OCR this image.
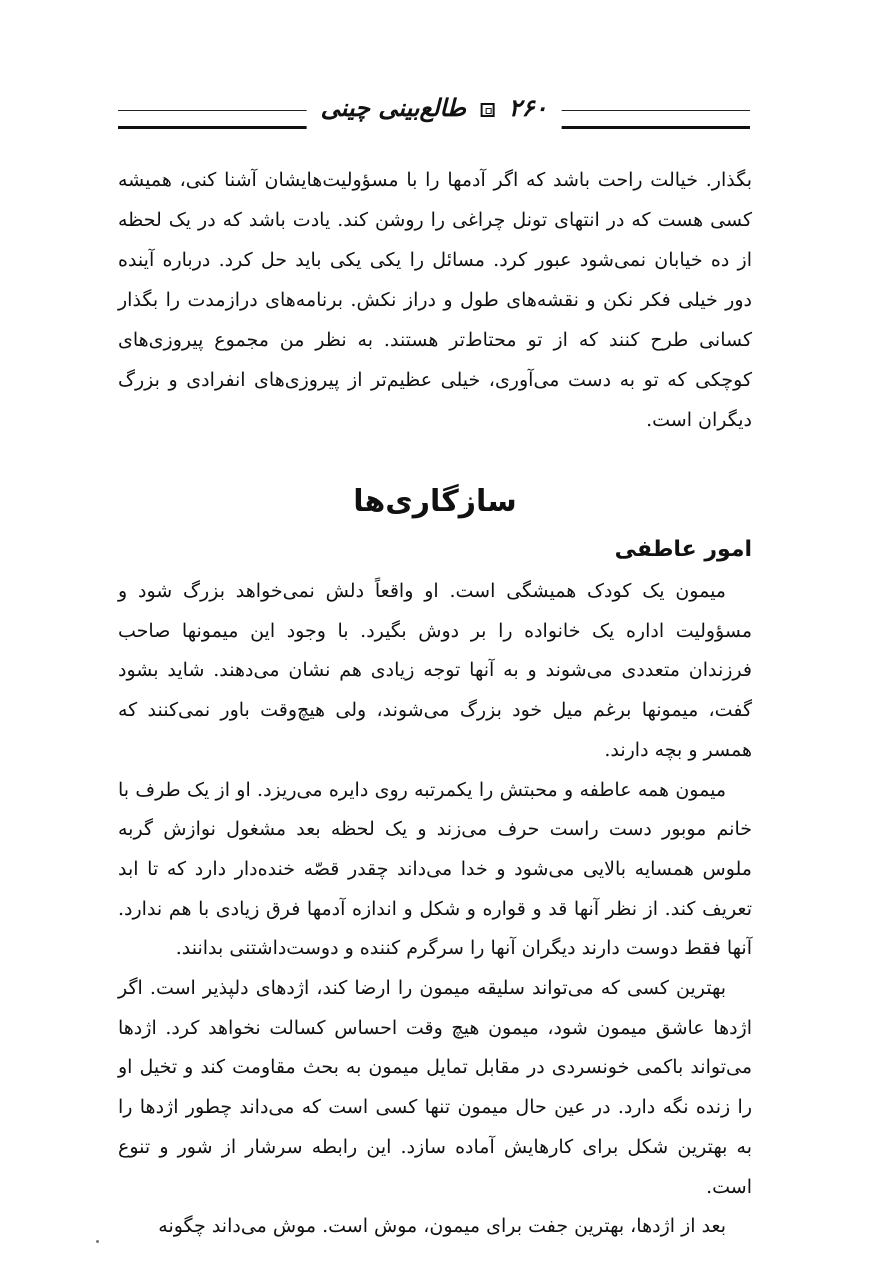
۲۶۰  طالع‌بینی چینی
بگذار. خیالت راحت باشد که اگر آدمها را با مسؤولیت‌هایشان آشنا کنی، همیشه کسی هست که در انتهای تونل چراغی را روشن کند. یادت باشد که در یک لحظه از ده خیابان نمی‌شود عبور کرد. مسائل را یکی یکی باید حل کرد. درباره آینده دور خیلی فکر نکن و نقشه‌های طول و دراز نکش. برنامه‌های درازمدت را بگذار کسانی طرح کنند که از تو محتاط‌تر هستند. به نظر من مجموع پیروزی‌های کوچکی که تو به دست می‌آوری، خیلی عظیم‌تر از پیروزی‌های انفرادی و بزرگ دیگران است.
سازگاری‌ها
امور عاطفی

میمون یک کودک همیشگی است. او واقعاً دلش نمی‌خواهد بزرگ شود و مسؤولیت اداره یک خانواده را بر دوش بگیرد. با وجود این میمونها صاحب فرزندان متعددی می‌شوند و به آنها توجه زیادی هم نشان می‌دهند. شاید بشود گفت، میمونها برغم میل خود بزرگ می‌شوند، ولی هیچ‌وقت باور نمی‌کنند که همسر و بچه دارند.

میمون همه عاطفه و محبتش را یکمرتبه روی دایره می‌ریزد. او از یک طرف با خانم موبور دست راست حرف می‌زند و یک لحظه بعد مشغول نوازش گربه ملوس همسایه بالایی می‌شود و خدا می‌داند چقدر قصّه خنده‌دار دارد که تا ابد تعریف کند. از نظر آنها قد و قواره و شکل و اندازه آدمها فرق زیادی با هم ندارد. آنها فقط دوست دارند دیگران آنها را سرگرم کننده و دوست‌داشتنی بدانند.

بهترین کسی که می‌تواند سلیقه میمون را ارضا کند، اژدهای دلپذیر است. اگر اژدها عاشق میمون شود، میمون هیچ وقت احساس کسالت نخواهد کرد. اژدها می‌تواند باکمی خونسردی در مقابل تمایل میمون به بحث مقاومت کند و تخیل او را زنده نگه دارد. در عین حال میمون تنها کسی است که می‌داند چطور اژدها را به بهترین شکل برای کارهایش آماده سازد. این رابطه سرشار از شور و تنوع است.

بعد از اژدها، بهترین جفت برای میمون، موش است. موش می‌داند چگونه
